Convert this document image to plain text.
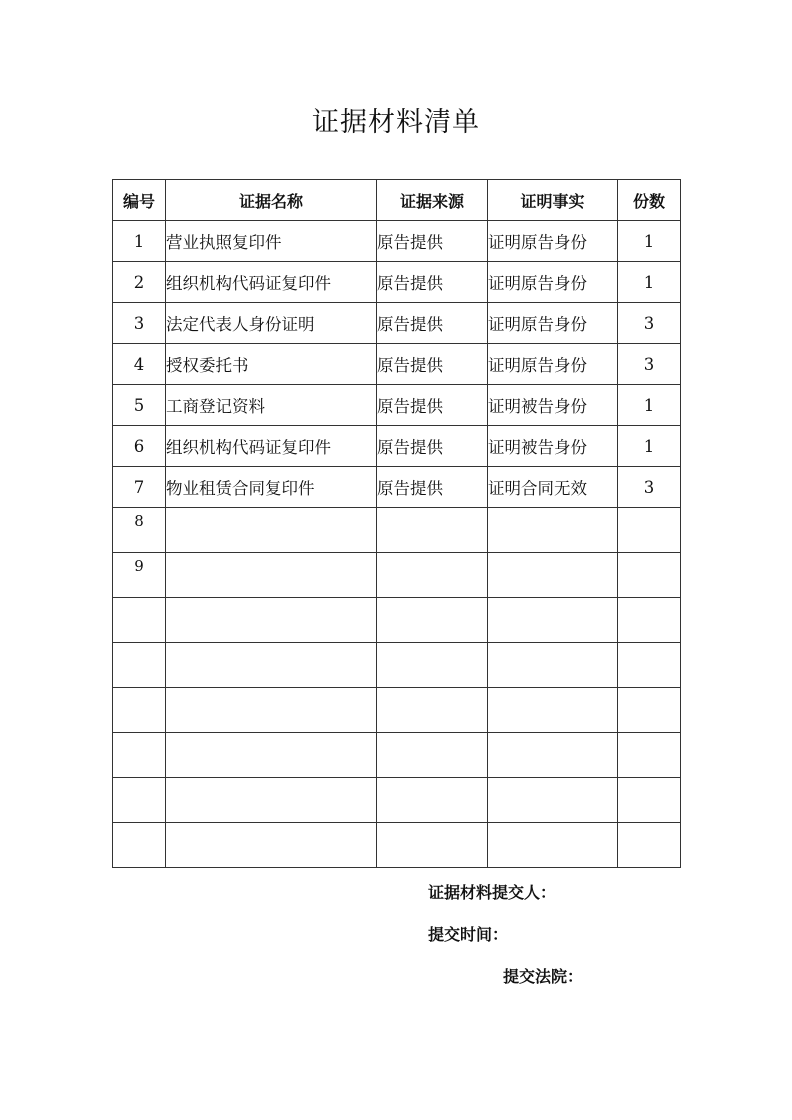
证据材料清单
编号	证据名称	证据来源	证明事实	份数
1	营业执照复印件	原告提供	证明原告身份	1
2	组织机构代码证复印件	原告提供	证明原告身份	1
3	法定代表人身份证明	原告提供	证明原告身份	3
4	授权委托书	原告提供	证明原告身份	3
5	工商登记资料	原告提供	证明被告身份	1
6	组织机构代码证复印件	原告提供	证明被告身份	1
7	物业租赁合同复印件	原告提供	证明合同无效	3
8				
9				

证据材料提交人：
提交时间：
提交法院：
